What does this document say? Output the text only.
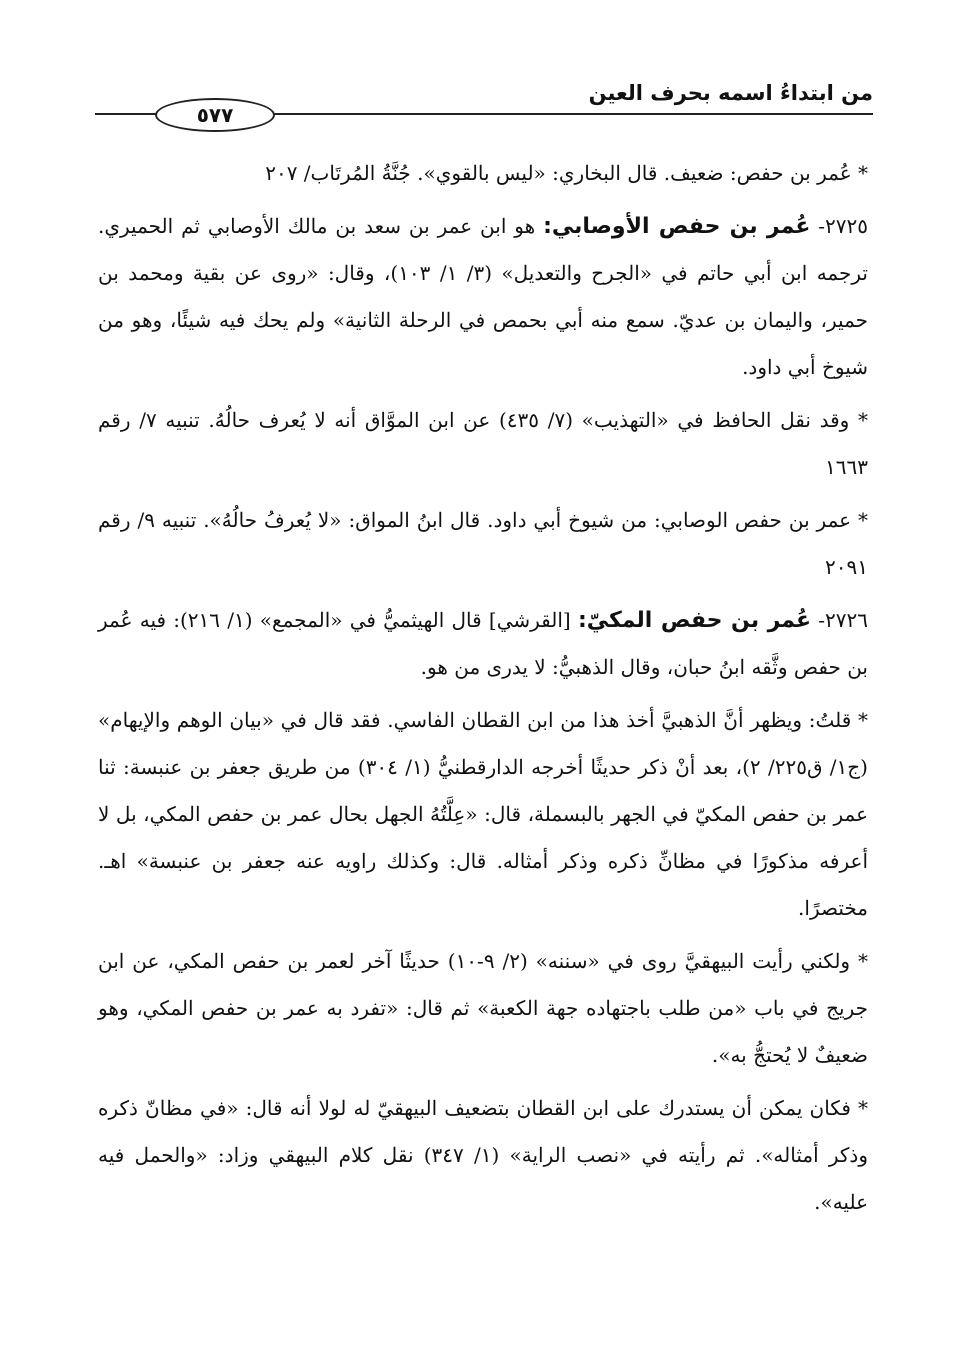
من ابتداءُ اسمه بحرف العين
٥٧٧

* عُمر بن حفص: ضعيف. قال البخاري: «ليس بالقوي». جُنَّةُ المُرتَاب/ ٢٠٧

٢٧٢٥- عُمر بن حفص الأوصابي: هو ابن عمر بن سعد بن مالك الأوصابي ثم الحميري. ترجمه ابن أبي حاتم في «الجرح والتعديل» (٣/ ١/ ١٠٣)، وقال: «روى عن بقية ومحمد بن حمير، واليمان بن عديّ. سمع منه أبي بحمص في الرحلة الثانية» ولم يحك فيه شيئًا، وهو من شيوخ أبي داود.

* وقد نقل الحافظ في «التهذيب» (٧/ ٤٣٥) عن ابن الموَّاق أنه لا يُعرف حالُهُ. تنبيه ٧/ رقم ١٦٦٣

* عمر بن حفص الوصابي: من شيوخ أبي داود. قال ابنُ المواق: «لا يُعرفُ حالُهُ». تنبيه ٩/ رقم ٢٠٩١

٢٧٢٦- عُمر بن حفص المكيّ: [القرشي] قال الهيثميُّ في «المجمع» (١/ ٢١٦): فيه عُمر بن حفص وثَّقه ابنُ حبان، وقال الذهبيُّ: لا يدرى من هو.

* قلتُ: ويظهر أنَّ الذهبيَّ أخذ هذا من ابن القطان الفاسي. فقد قال في «بيان الوهم والإيهام» (ج١/ ق٢٢٥/ ٢)، بعد أنْ ذكر حديثًا أخرجه الدارقطنيُّ (١/ ٣٠٤) من طريق جعفر بن عنبسة: ثنا عمر بن حفص المكيّ في الجهر بالبسملة، قال: «عِلَّتُهُ الجهل بحال عمر بن حفص المكي، بل لا أعرفه مذكورًا في مظانِّ ذكره وذكر أمثاله. قال: وكذلك راويه عنه جعفر بن عنبسة» اهـ. مختصرًا.

* ولكني رأيت البيهقيَّ روى في «سننه» (٢/ ٩-١٠) حديثًا آخر لعمر بن حفص المكي، عن ابن جريج في باب «من طلب باجتهاده جهة الكعبة» ثم قال: «تفرد به عمر بن حفص المكي، وهو ضعيفٌ لا يُحتجُّ به».

* فكان يمكن أن يستدرك على ابن القطان بتضعيف البيهقيّ له لولا أنه قال: «في مظانّ ذكره وذكر أمثاله». ثم رأيته في «نصب الراية» (١/ ٣٤٧) نقل كلام البيهقي وزاد: «والحمل فيه عليه».
